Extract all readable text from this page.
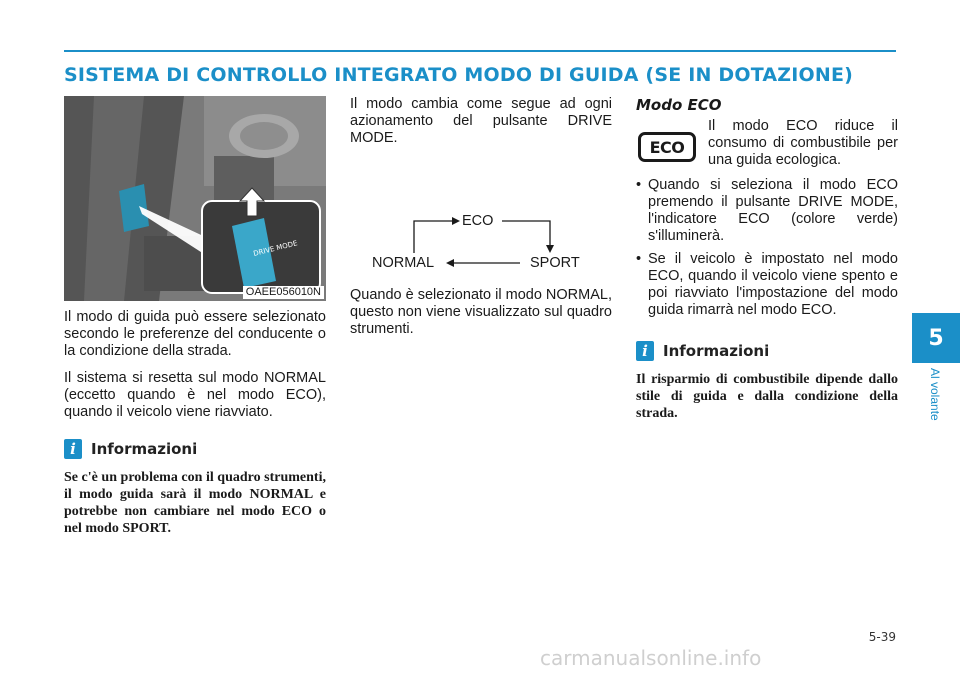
SISTEMA DI CONTROLLO INTEGRATO MODO DI GUIDA (SE IN DOTAZIONE)
DRIVE MODE
OAEE056010N

Il modo di guida può essere selezionato secondo le preferenze del conducente o la condizione della strada.

Il sistema si resetta sul modo NORMAL (eccetto quando è nel modo ECO), quando il veicolo viene riavviato.

i	Informazioni

Se c'è un problema con il quadro strumenti, il modo guida sarà il modo NORMAL e potrebbe non cambiare nel modo ECO o nel modo SPORT.

Il modo cambia come segue ad ogni azionamento del pulsante DRIVE MODE.

ECO
SPORT
NORMAL

Quando è selezionato il modo NORMAL, questo non viene visualizzato sul quadro strumenti.

Modo ECO
ECO
Il modo ECO riduce il consumo di combustibile per una guida ecologica.
• Quando si seleziona il modo ECO premendo il pulsante DRIVE MODE, l'indicatore ECO (colore verde) s'illuminerà.
• Se il veicolo è impostato nel modo ECO, quando il veicolo viene spento e poi riavviato l'impostazione del modo guida rimarrà nel modo ECO.
i	Informazioni

Il risparmio di combustibile dipende dallo stile di guida e dalla condizione della strada.

5
Al volante
5-39
carmanualsonline.info
